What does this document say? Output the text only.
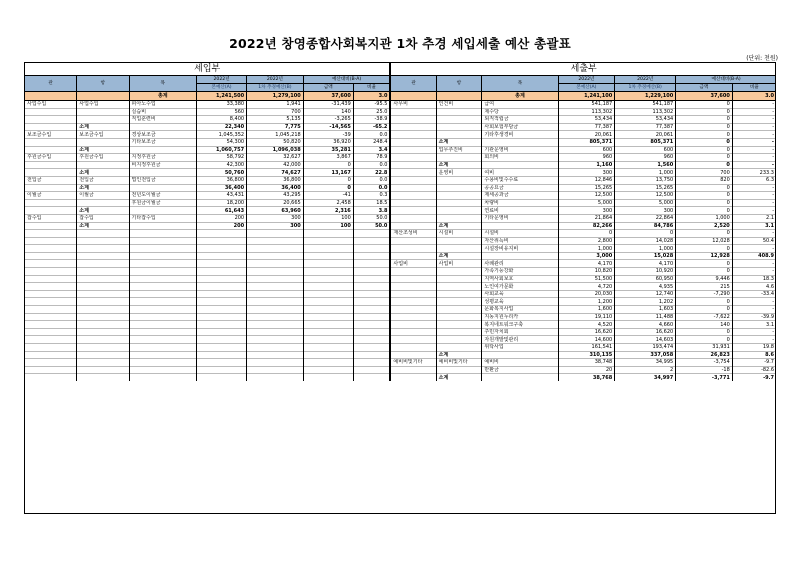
2022년 창영종합사회복지관 1차 추경 세입세출 예산 총괄표
(단위: 천원)
세입부							세출부						
관	항	목	2022년	2022년	예산대비(B-A)		관	항	목	2022년	2022년	예산대비(B-A)	
			본예산(A)	1차 추경예산(B)	금액	비율				본예산(A)	1차 추경예산(B)	금액	비율
		총계	1,241,500	1,279,100	37,600	3.0			총계	1,241,100	1,229,100	37,600	3.0
사업수입	사업수입	피아노수업	33,380	1,941	-31,439	-95.5	사무비	인건비	급여	541,187	541,187	0	-
		실습비	560	700	140	25.0			제수당	113,302	113,302	0	-
		직업훈련비	8,400	5,135	-3,265	-38.9			퇴직적립금	53,434	53,434	0	-
	소계		22,340	7,775	-14,565	-65.2			사회보험부담금	77,387	77,387	0	-
보조금수입	보조금수입	경상보조금	1,045,352	1,045,218	-39	0.0			기타후생경비	20,061	20,061	0	-
		기타보조금	54,300	50,820	36,920	248.4		소계		805,371	805,371	0	-
	소계		1,060,757	1,096,038	35,281	3.4		업무추진비	기관운영비	600	600	0	-
후원금수입	후원금수입	지정후원금	58,792	32,627	3,867	78.9			회의비	960	960	0	-
		비지정후원금	42,300	42,000	0	0.0		소계		1,160	1,560	0	-
	소계		50,760	74,627	13,167	22.8		운영비	여비	300	1,000	700	233.3
전입금	전입금	법인전입금	36,800	36,800	0	0.0			수용비및수수료	12,846	13,750	820	6.3
	소계		36,400	36,400	0	0.0			공공요금	15,265	15,265	0	-
이월금	이월금	전년도이월금	43,431	43,295	-41	0.3			제세공과금	12,500	12,500	0	-
		후원금이월금	18,200	20,665	2,458	18.5			차량비	5,000	5,000	0	-
	소계		61,643	63,960	2,316	3.8			연료비	300	300	0	-
잡수입	잡수입	기타잡수입	200	300	100	50.0			기타운영비	21,864	22,864	1,000	2.1
	소계		200	300	100	50.0		소계		82,266	84,786	2,520	3.1
							재산조성비	시설비	시설비	0	0	0	-
									자산취득비	2,800	14,028	12,028	50.4
									시설장비유지비	1,000	1,000	0	-
								소계		3,000	15,028	12,928	408.9
							사업비	사업비	사례관리	4,170	4,170	0	-
									가족기능강화	10,820	10,920	0	-
									지역사회보호	51,500	60,950	9,446	18.3
									노인여가문화	4,720	4,935	215	4.6
									사회교육	20,030	12,740	-7,290	-33.4
									성평교육	1,200	1,202	0	-
									문화복지사업	1,600	1,603	0	-
									지동지원누리카	19,110	11,488	-7,622	-39.9
									복지네트워크구축	4,520	4,660	140	3.1
									주민자치회	16,620	16,620	0	-
									자원개발및관리	14,600	14,603	0	-
									위탁사업	161,541	193,474	31,931	19.8
								소계		310,135	337,058	26,823	8.6
							예비비및기타	예비비및기타	예비비	38,748	34,995	-3,754	-9.7
									반환금	20	2	-18	-82.6
								소계		38,768	34,997	-3,771	-9.7
